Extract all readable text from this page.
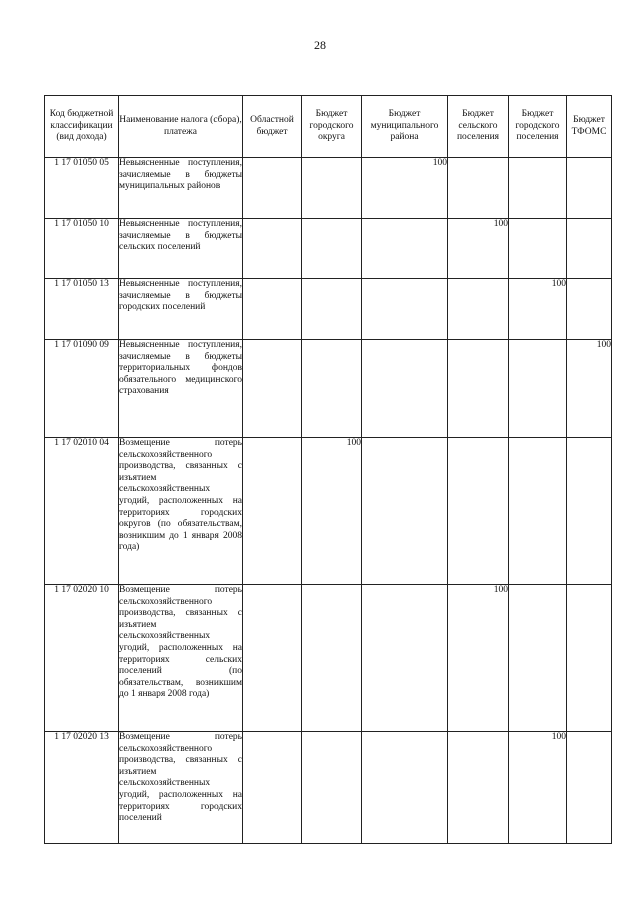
28
Код бюджетной классификации (вид дохода)	Наименование налога (сбора), платежа	Областной бюджет	Бюджет городского округа	Бюджет муниципального района	Бюджет сельского поселения	Бюджет городского поселения	Бюджет ТФОМС
1 17 01050 05	Невыясненные поступления, зачисляемые в бюджеты муниципальных районов			100			
1 17 01050 10	Невыясненные поступления, зачисляемые в бюджеты сельских поселений				100		
1 17 01050 13	Невыясненные поступления, зачисляемые в бюджеты городских поселений					100	
1 17 01090 09	Невыясненные поступления, зачисляемые в бюджеты территориальных фондов обязательного медицинского страхования						100
1 17 02010 04	Возмещение потерь сельскохозяйственного производства, связанных с изъятием сельскохозяйственных угодий, расположенных на территориях городских округов (по обязательствам, возникшим до 1 января 2008 года)		100				
1 17 02020 10	Возмещение потерь сельскохозяйственного производства, связанных с изъятием сельскохозяйственных угодий, расположенных на территориях сельских поселений (по обязательствам, возникшим до 1 января 2008 года)				100		
1 17 02020 13	Возмещение потерь сельскохозяйственного производства, связанных с изъятием сельскохозяйственных угодий, расположенных на территориях городских поселений					100	
